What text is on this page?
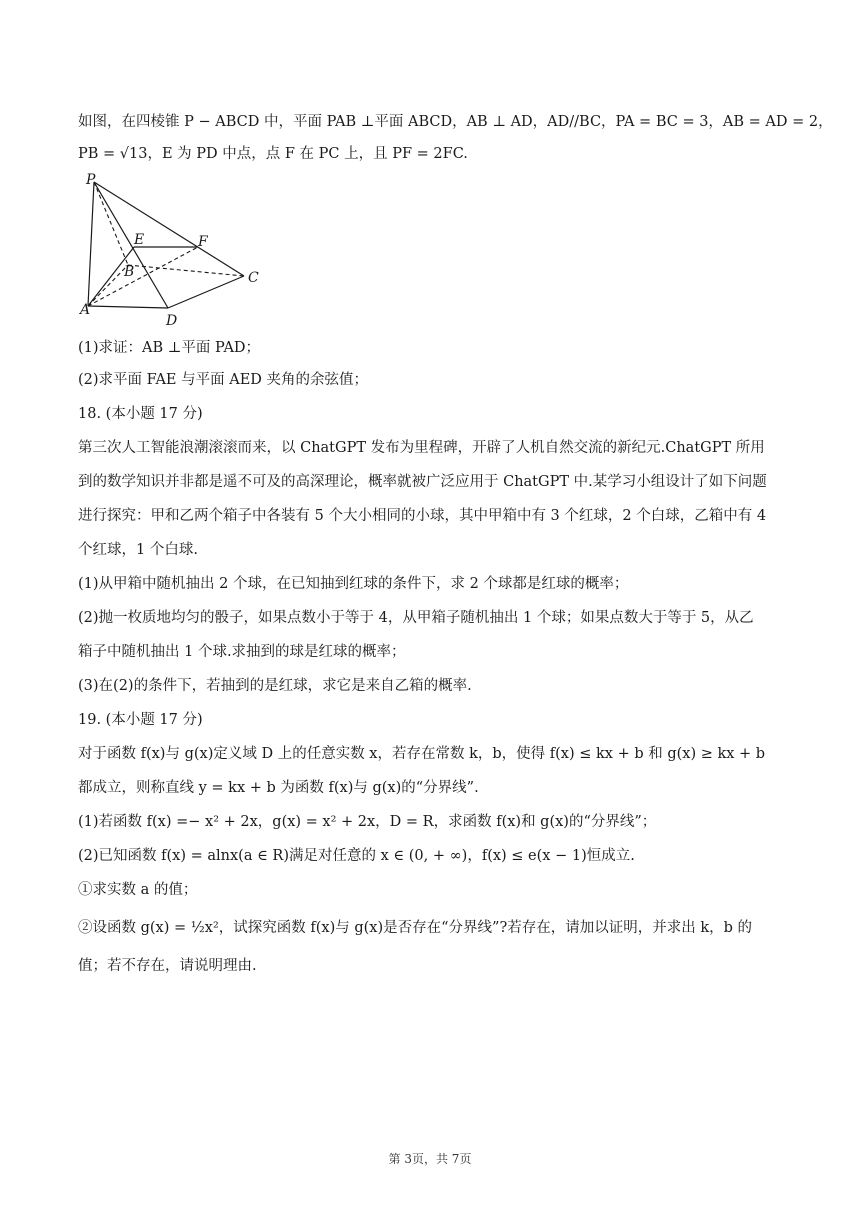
如图，在四棱锥 P − ABCD 中，平面 PAB ⊥平面 ABCD，AB ⊥ AD，AD//BC，PA = BC = 3，AB = AD = 2，
PB = √13，E 为 PD 中点，点 F 在 PC 上，且 PF = 2FC.
P
E	F
B	C
A
D
(1)求证：AB ⊥平面 PAD；
(2)求平面 FAE 与平面 AED 夹角的余弦值；
18. (本小题 17 分)
第三次人工智能浪潮滚滚而来，以 ChatGPT 发布为里程碑，开辟了人机自然交流的新纪元.ChatGPT 所用
到的数学知识并非都是遥不可及的高深理论，概率就被广泛应用于 ChatGPT 中.某学习小组设计了如下问题
进行探究：甲和乙两个箱子中各装有 5 个大小相同的小球，其中甲箱中有 3 个红球，2 个白球，乙箱中有 4
个红球，1 个白球.
(1)从甲箱中随机抽出 2 个球，在已知抽到红球的条件下，求 2 个球都是红球的概率；
(2)抛一枚质地均匀的骰子，如果点数小于等于 4，从甲箱子随机抽出 1 个球；如果点数大于等于 5，从乙
箱子中随机抽出 1 个球.求抽到的球是红球的概率；
(3)在(2)的条件下，若抽到的是红球，求它是来自乙箱的概率.
19. (本小题 17 分)
对于函数 f(x)与 g(x)定义域 D 上的任意实数 x，若存在常数 k，b，使得 f(x) ≤ kx + b 和 g(x) ≥ kx + b
都成立，则称直线 y = kx + b 为函数 f(x)与 g(x)的“分界线”.
(1)若函数 f(x) =− x² + 2x，g(x) = x² + 2x，D = R，求函数 f(x)和 g(x)的“分界线”；
(2)已知函数 f(x) = alnx(a ∈ R)满足对任意的 x ∈ (0, + ∞)，f(x) ≤ e(x − 1)恒成立.
①求实数 a 的值；
②设函数 g(x) = ½x²，试探究函数 f(x)与 g(x)是否存在“分界线”?若存在，请加以证明，并求出 k，b 的
值；若不存在，请说明理由.
第 3页，共 7页
